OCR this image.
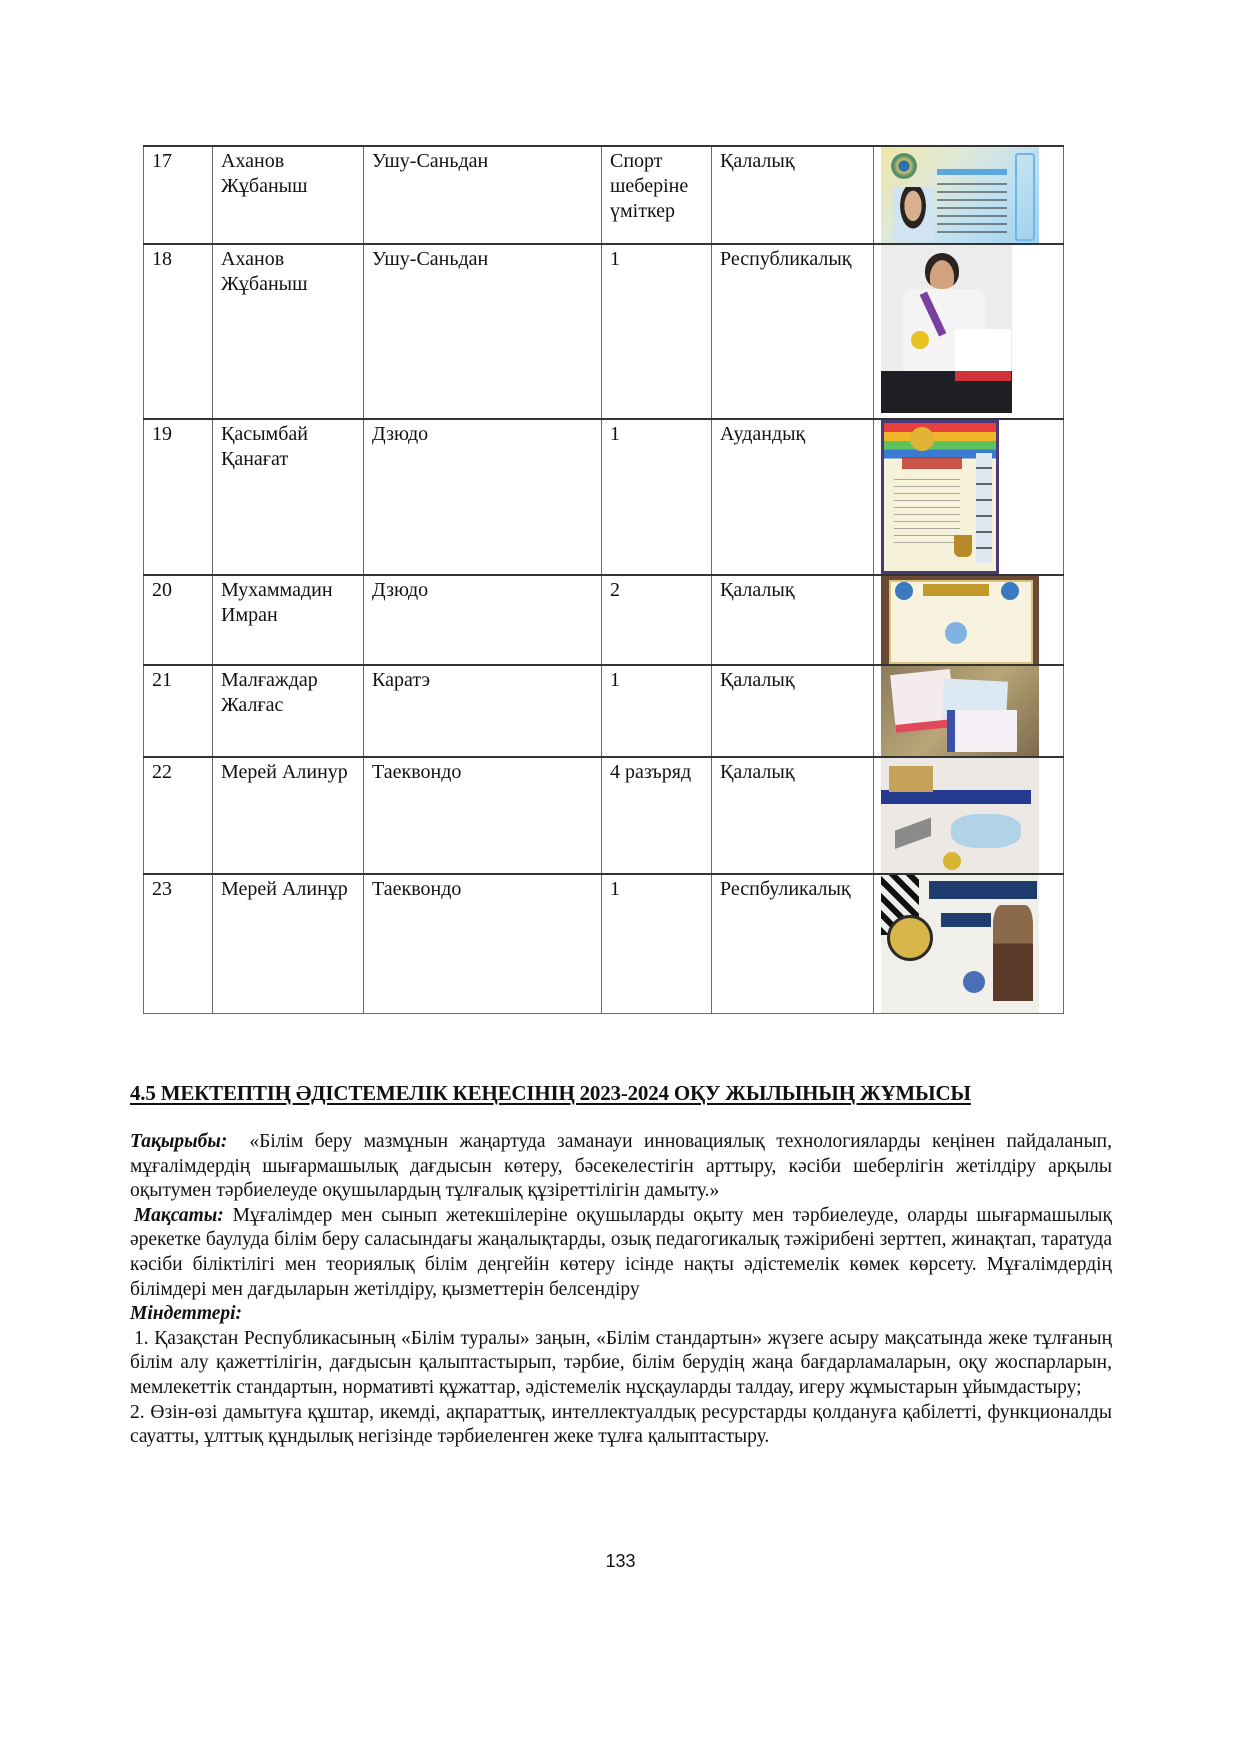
17	Аханов Жұбаныш	Ушу-Саньдан	Спорт шеберіне үміткер	Қалалық	

18	Аханов Жұбаныш	Ушу-Саньдан	1	Республикалық	

19	Қасымбай Қанағат	Дзюдо	1	Аудандық	

20	Мухаммадин Имран	Дзюдо	2	Қалалық	

21	Малғаждар Жалғас	Каратэ	1	Қалалық	

22	Мерей Алинур	Таеквондо	4 разъряд	Қалалық	

23	Мерей Алинұр	Таеквондо	1	Респбуликалық	
4.5 МЕКТЕПТІҢ ӘДІСТЕМЕЛІК КЕҢЕСІНІҢ 2023-2024 ОҚУ ЖЫЛЫНЫҢ ЖҰМЫСЫ

Тақырыбы: «Білім беру мазмұнын жаңартуда заманауи инновациялық технологияларды кеңінен пайдаланып, мұғалімдердің шығармашылық дағдысын көтеру, бәсекелестігін арттыру, кәсіби шеберлігін жетілдіру арқылы оқытумен тәрбиелеуде оқушылардың тұлғалық құзіреттілігін дамыту.»

Мақсаты: Мұғалімдер мен сынып жетекшілеріне оқушыларды оқыту мен тәрбиелеуде, оларды шығармашылық әрекетке баулуда білім беру саласындағы жаңалықтарды, озық педагогикалық тәжірибені зерттеп, жинақтап, таратуда кәсіби біліктілігі мен теориялық білім деңгейін көтеру ісінде нақты әдістемелік көмек көрсету. Мұғалімдердің білімдері мен дағдыларын жетілдіру, қызметтерін белсендіру

Міндеттері:

1. Қазақстан Республикасының «Білім туралы» заңын, «Білім стандартын» жүзеге асыру мақсатында жеке тұлғаның білім алу қажеттілігін, дағдысын қалыптастырып, тәрбие, білім берудің жаңа бағдарламаларын, оқу жоспарларын, мемлекеттік стандартын, нормативті құжаттар, әдістемелік нұсқауларды талдау, игеру жұмыстарын ұйымдастыру;

2. Өзін-өзі дамытуға құштар, икемді, ақпараттық, интеллектуалдық ресурстарды қолдануға қабілетті, функционалды сауатты, ұлттық құндылық негізінде тәрбиеленген жеке тұлға қалыптастыру.

133
